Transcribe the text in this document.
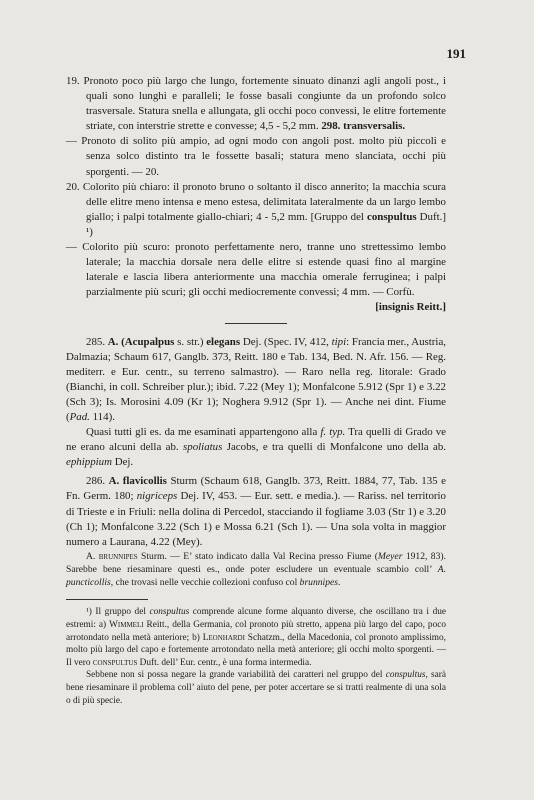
191

19. Pronoto poco più largo che lungo, fortemente sinuato dinanzi agli angoli post., i quali sono lunghi e paralleli; le fosse basali congiunte da un profondo solco trasversale. Statura snella e allungata, gli occhi poco convessi, le elitre fortemente striate, con interstrie strette e convesse; 4,5 - 5,2 mm. 298. transversalis.

— Pronoto di solito più ampio, ad ogni modo con angoli post. molto più piccoli e senza solco distinto tra le fossette basali; statura meno slanciata, occhi più sporgenti. — 20.

20. Colorito più chiaro: il pronoto bruno o soltanto il disco annerito; la macchia scura delle elitre meno intensa e meno estesa, delimitata lateralmente da un largo lembo giallo; i palpi totalmente giallo-chiari; 4 - 5,2 mm. [Gruppo del conspultus Duft.] ¹)

— Colorito più scuro: pronoto perfettamente nero, tranne uno strettessimo lembo laterale; la macchia dorsale nera delle elitre si estende quasi fino al margine laterale e lascia libera anteriormente una macchia omerale ferruginea; i palpi parzialmente più scuri; gli occhi mediocremente convessi; 4 mm. — Corfù.

[insignis Reitt.]

285. A. (Acupalpus s. str.) elegans Dej. (Spec. IV, 412, tipi: Francia mer., Austria, Dalmazia; Schaum 617, Ganglb. 373, Reitt. 180 e Tab. 134, Bed. N. Afr. 156. — Reg. mediterr. e Eur. centr., su terreno salmastro). — Raro nella reg. litorale: Grado (Bianchi, in coll. Schreiber plur.); ibid. 7.22 (Mey 1); Monfalcone 5.912 (Spr 1) e 3.22 (Sch 3); Is. Morosini 4.09 (Kr 1); Noghera 9.912 (Spr 1). — Anche nei dint. Fiume (Pad. 114).

Quasi tutti gli es. da me esaminati appartengono alla f. typ. Tra quelli di Grado ve ne erano alcuni della ab. spoliatus Jacobs, e tra quelli di Monfalcone uno della ab. ephippium Dej.

286. A. flavicollis Sturm (Schaum 618, Ganglb. 373, Reitt. 1884, 77, Tab. 135 e Fn. Germ. 180; nigriceps Dej. IV, 453. — Eur. sett. e media.). — Rariss. nel territorio di Trieste e in Friuli: nella dolina di Percedol, stacciando il fogliame 3.03 (Str 1) e 3.20 (Ch 1); Monfalcone 3.22 (Sch 1) e Mossa 6.21 (Sch 1). — Una sola volta in maggior numero a Laurana, 4.22 (Mey).

A. brunnipes Sturm. — E’ stato indicato dalla Val Recina presso Fiume (Meyer 1912, 83). Sarebbe bene riesaminare questi es., onde poter escludere un eventuale scambio coll’ A. puncticollis, che trovasi nelle vecchie collezioni confuso col brunnipes.

¹) Il gruppo del conspultus comprende alcune forme alquanto diverse, che oscillano tra i due estremi: a) Wimmeli Reitt., della Germania, col pronoto più stretto, appena più largo del capo, poco arrotondato nella metà anteriore; b) Leonhardi Schatzm., della Macedonia, col pronoto amplissimo, molto più largo del capo e fortemente arrotondato nella metà anteriore; gli occhi molto sporgenti. — Il vero conspultus Duft. dell’ Eur. centr., è una forma intermedia.

Sebbene non si possa negare la grande variabilità dei caratteri nel gruppo del conspultus, sarà bene riesaminare il problema coll’ aiuto del pene, per poter accertare se si tratti realmente di una sola o di più specie.
